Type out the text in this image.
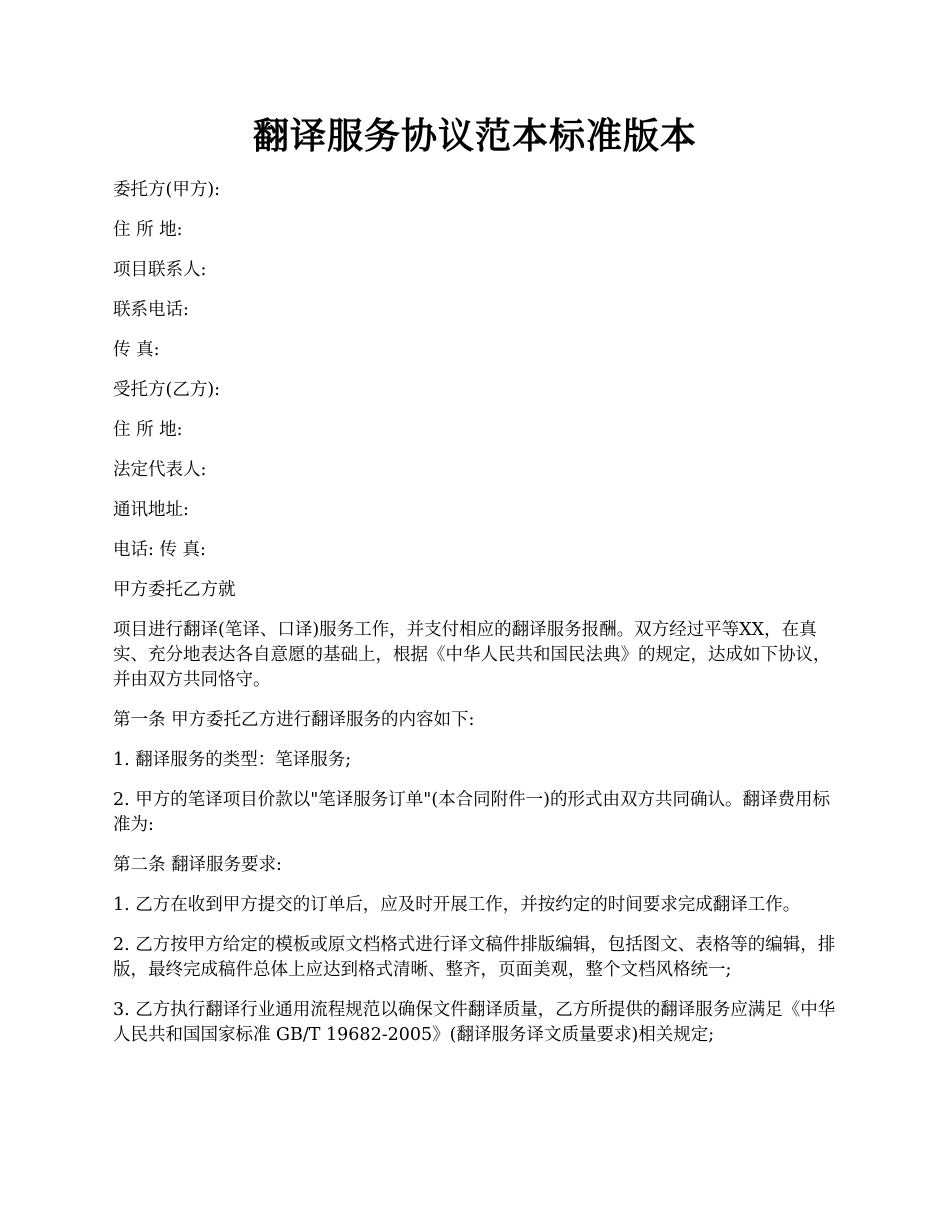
翻译服务协议范本标准版本

委托方(甲方):

住 所 地:

项目联系人:

联系电话:

传 真:

受托方(乙方):

住 所 地:

法定代表人:

通讯地址:

电话: 传 真:

甲方委托乙方就

项目进行翻译(笔译、口译)服务工作，并支付相应的翻译服务报酬。双方经过平等XX，在真实、充分地表达各自意愿的基础上，根据《中华人民共和国民法典》的规定，达成如下协议， 并由双方共同恪守。

第一条 甲方委托乙方进行翻译服务的内容如下:

1. 翻译服务的类型：笔译服务;

2. 甲方的笔译项目价款以"笔译服务订单"(本合同附件一)的形式由双方共同确认。翻译费用标准为:

第二条 翻译服务要求:

1. 乙方在收到甲方提交的订单后，应及时开展工作，并按约定的时间要求完成翻译工作。

2. 乙方按甲方给定的模板或原文档格式进行译文稿件排版编辑，包括图文、表格等的编辑，排版，最终完成稿件总体上应达到格式清晰、整齐，页面美观，整个文档风格统一;

3. 乙方执行翻译行业通用流程规范以确保文件翻译质量，乙方所提供的翻译服务应满足《中华人民共和国国家标准 GB/T 19682-2005》(翻译服务译文质量要求)相关规定;
